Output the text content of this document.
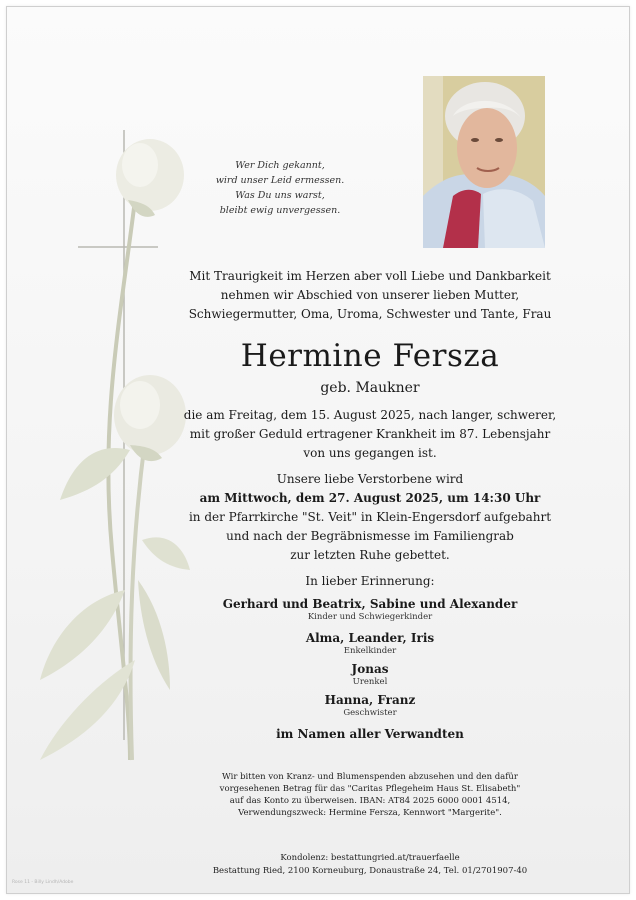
Wer Dich gekannt,
wird unser Leid ermessen.
Was Du uns warst,
bleibt ewig unvergessen.
Mit Traurigkeit im Herzen aber voll Liebe und Dankbarkeit
nehmen wir Abschied von unserer lieben Mutter,
Schwiegermutter, Oma, Uroma, Schwester und Tante, Frau
Hermine Fersza
geb. Maukner
die am Freitag, dem 15. August 2025, nach langer, schwerer,
mit großer Geduld ertragener Krankheit im 87. Lebensjahr
von uns gegangen ist.
Unsere liebe Verstorbene wird
am Mittwoch, dem 27. August 2025, um 14:30 Uhr
in der Pfarrkirche "St. Veit" in Klein-Engersdorf aufgebahrt
und nach der Begräbnismesse im Familiengrab
zur letzten Ruhe gebettet.
In lieber Erinnerung:
Gerhard und Beatrix, Sabine und Alexander
Kinder und Schwiegerkinder
Alma, Leander, Iris
Enkelkinder
Jonas
Urenkel
Hanna, Franz
Geschwister
im Namen aller Verwandten
Wir bitten von Kranz- und Blumenspenden abzusehen und den dafür
vorgesehenen Betrag für das "Caritas Pflegeheim Haus St. Elisabeth"
auf das Konto zu überweisen. IBAN: AT84 2025 6000 0001 4514,
Verwendungszweck: Hermine Fersza, Kennwort "Margerite".
Kondolenz: bestattungried.at/trauerfaelle
Bestattung Ried, 2100 Korneuburg, Donaustraße 24, Tel. 01/2701907-40
Rose 11 - Billy Lindh/Adobe
